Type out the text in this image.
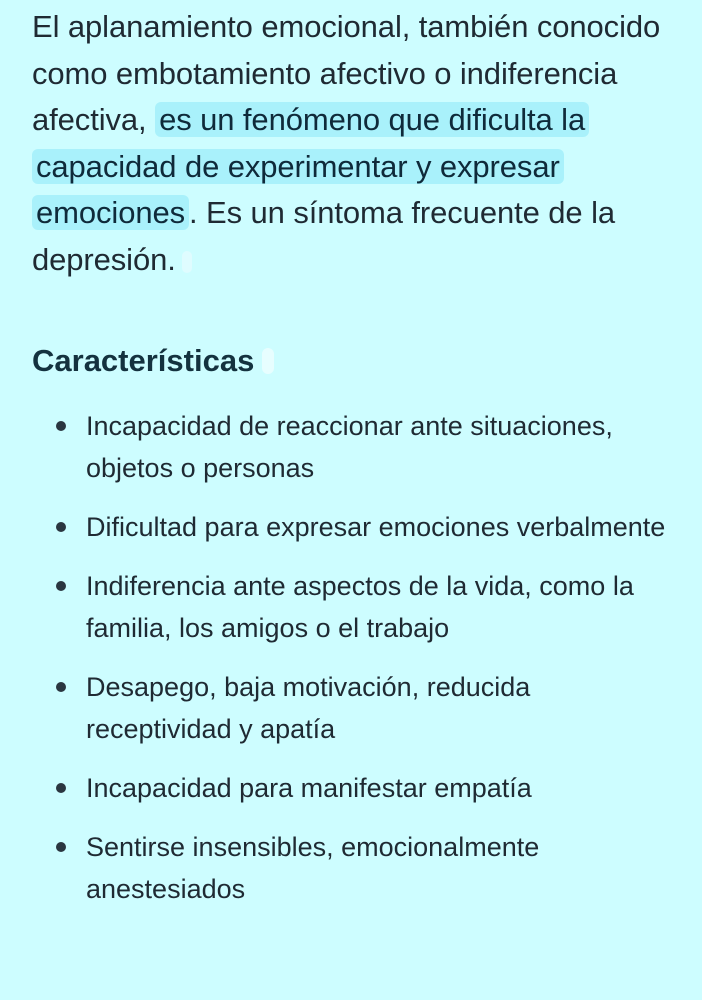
El aplanamiento emocional, también conocido como embotamiento afectivo o indiferencia afectiva, es un fenómeno que dificulta la capacidad de experimentar y expresar emociones . Es un síntoma frecuente de la depresión.

Características
Incapacidad de reaccionar ante situaciones, objetos o personas
Dificultad para expresar emociones verbalmente
Indiferencia ante aspectos de la vida, como la familia, los amigos o el trabajo
Desapego, baja motivación, reducida receptividad y apatía
Incapacidad para manifestar empatía
Sentirse insensibles, emocionalmente anestesiados
